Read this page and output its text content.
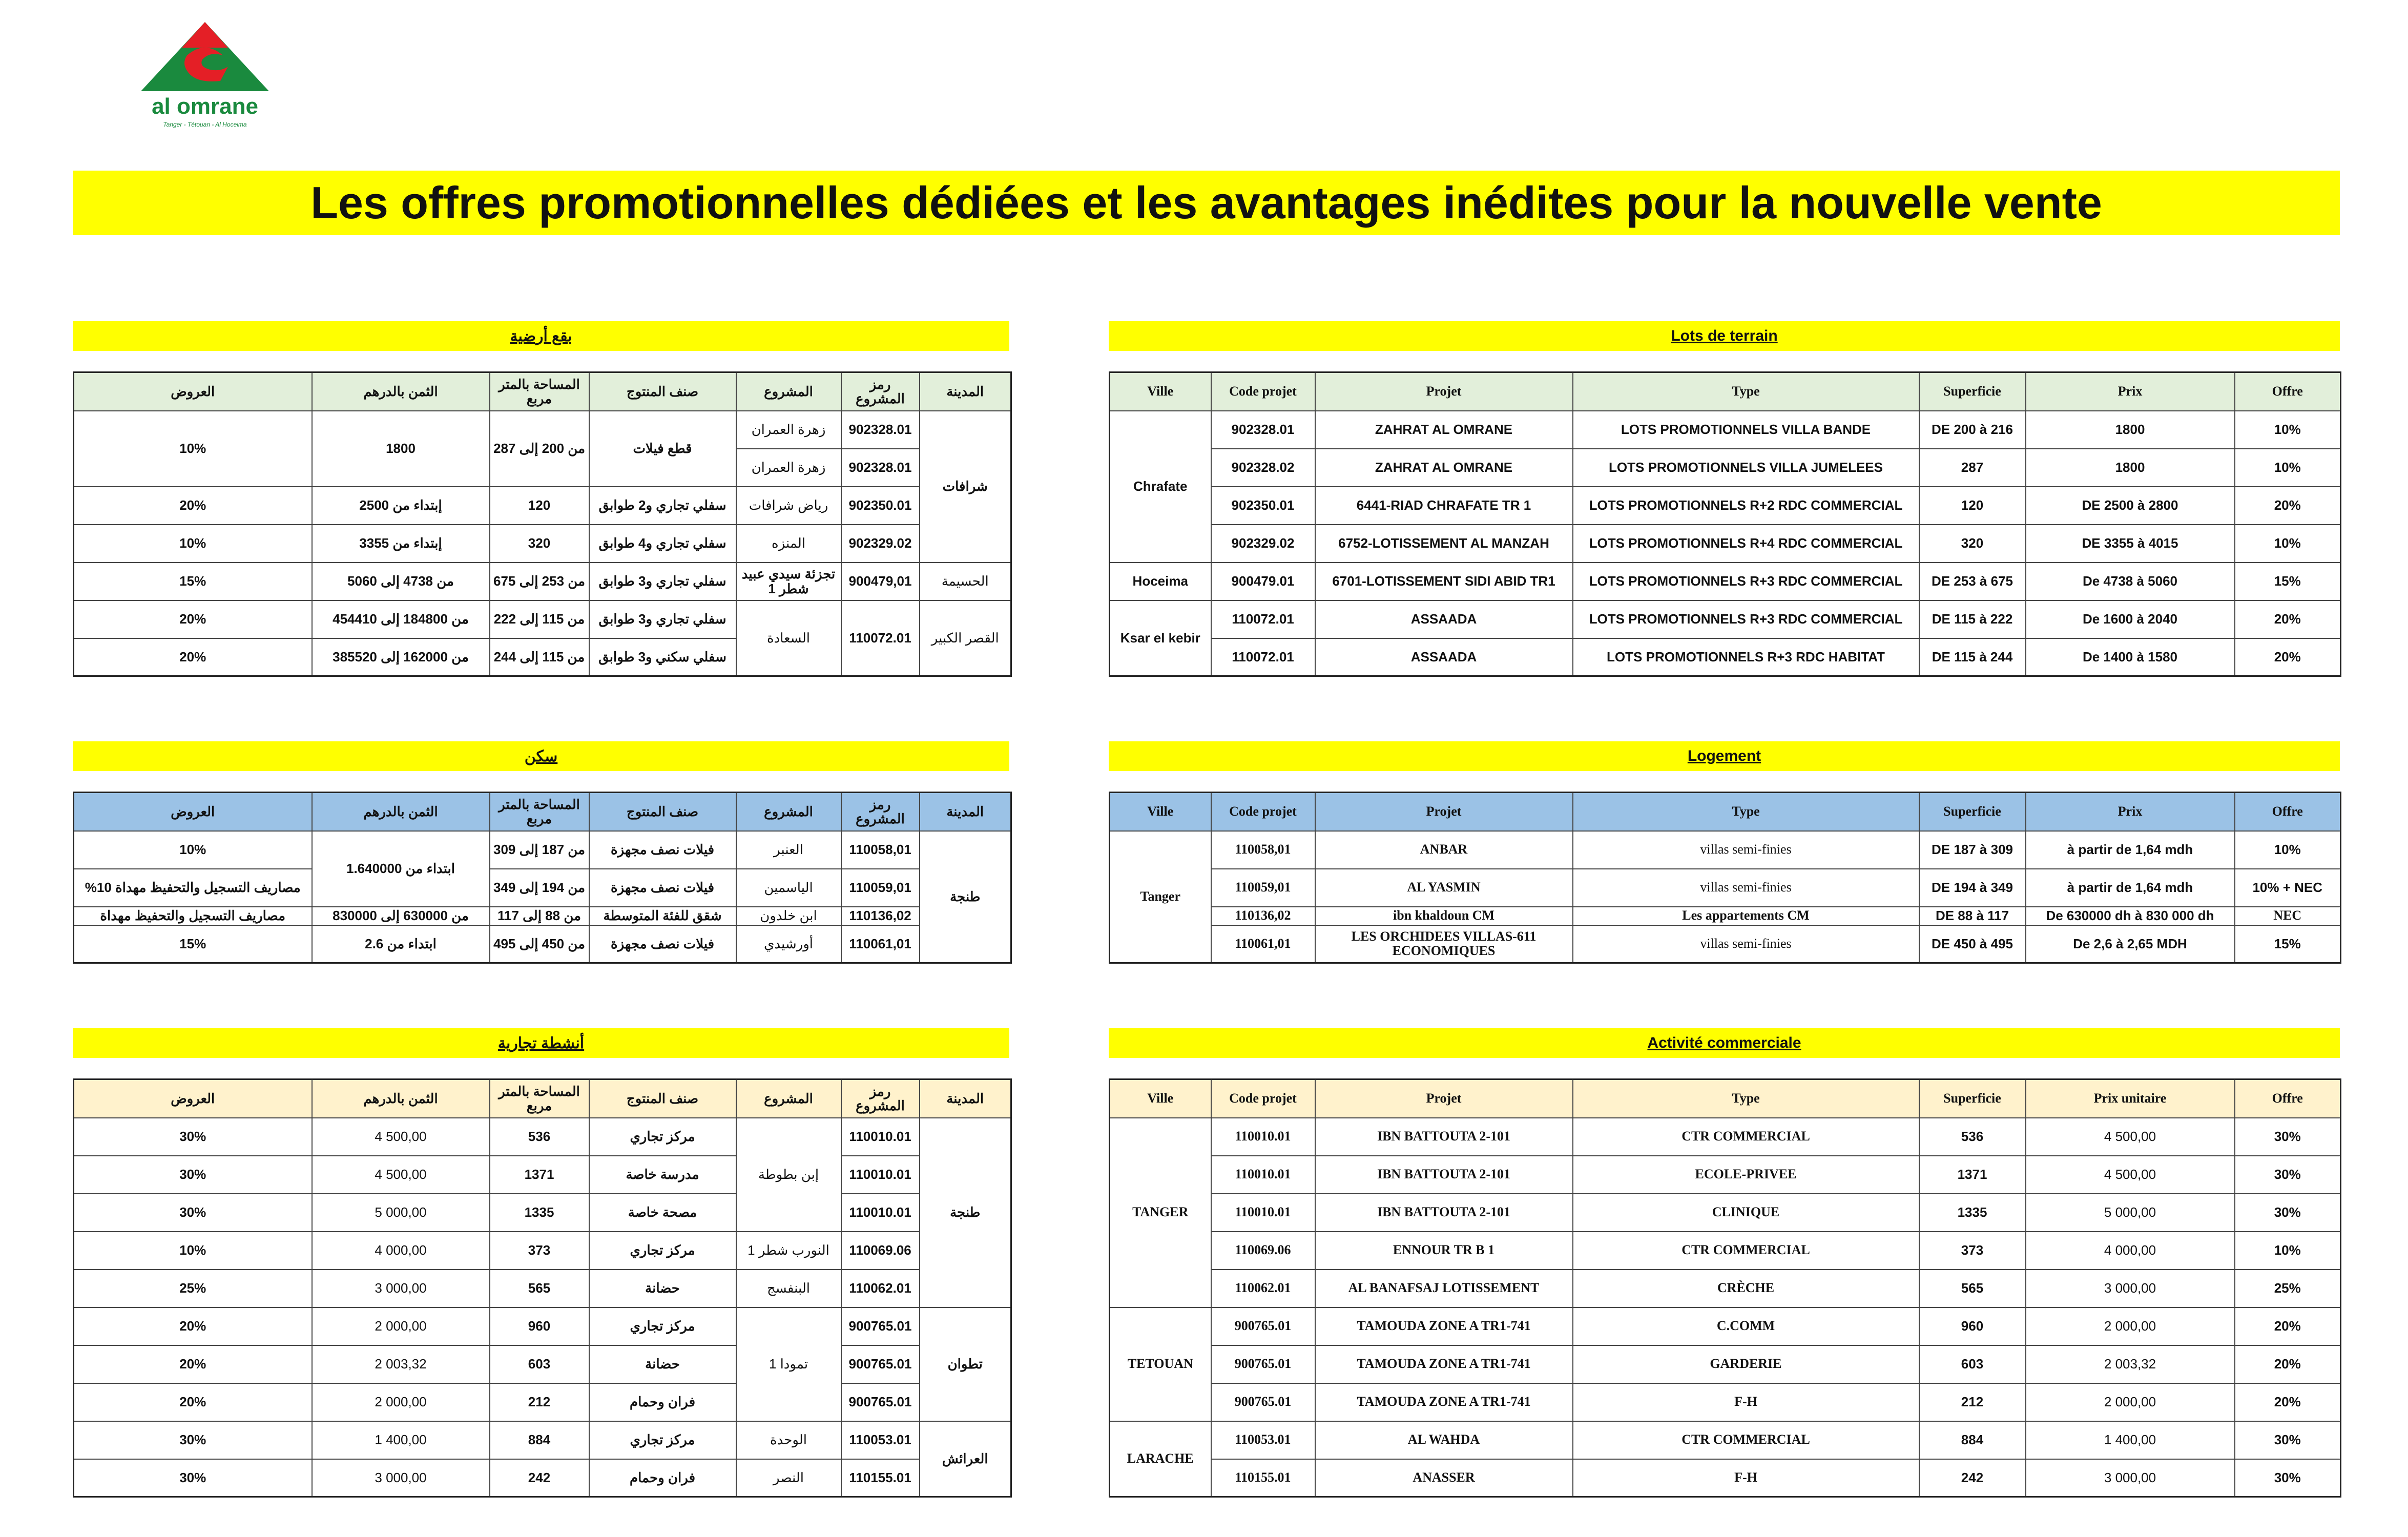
al omrane
Tanger - Tétouan - Al Hoceima
Les offres promotionnelles dédiées et les avantages inédites pour la nouvelle vente
بقع أرضية
العروض	الثمن بالدرهم	المساحة بالمتر مربع	صنف المنتوج	المشروع	رمز المشروع	المدينة
10%	1800	من 200 إلى 287	قطع فيلات	زهرة العمران	902328.01	شرافات
				زهرة العمران	902328.01	
20%	إبتداء من 2500	120	سفلي تجاري و2 طوابق	رياض شرافات	902350.01	
10%	إبتداء من 3355	320	سفلي تجاري و4 طوابق	المنزه	902329.02	
15%	من 4738 إلى 5060	من 253 إلى 675	سفلي تجاري و3 طوابق	تجزئة سيدي عبيد شطر 1	900479,01	الحسيمة
20%	من 184800 إلى 454410	من 115 إلى 222	سفلي تجاري و3 طوابق	السعادة	110072.01	القصر الكبير
20%	من 162000 إلى 385520	من 115 إلى 244	سفلي سكني و3 طوابق			
Lots de terrain
Ville	Code projet	Projet	Type	Superficie	Prix	Offre
Chrafate	902328.01	ZAHRAT AL OMRANE	LOTS PROMOTIONNELS VILLA BANDE	DE 200 à 216	1800	10%
	902328.02	ZAHRAT AL OMRANE	LOTS PROMOTIONNELS VILLA JUMELEES	287	1800	10%
	902350.01	6441-RIAD CHRAFATE TR 1	LOTS PROMOTIONNELS R+2 RDC COMMERCIAL	120	DE 2500 à 2800	20%
	902329.02	6752-LOTISSEMENT AL MANZAH	LOTS PROMOTIONNELS R+4 RDC COMMERCIAL	320	DE 3355 à 4015	10%
Hoceima	900479.01	6701-LOTISSEMENT SIDI ABID TR1	LOTS PROMOTIONNELS R+3 RDC COMMERCIAL	DE 253 à 675	De 4738 à 5060	15%
Ksar el kebir	110072.01	ASSAADA	LOTS PROMOTIONNELS R+3 RDC COMMERCIAL	DE 115 à 222	De 1600 à 2040	20%
	110072.01	ASSAADA	LOTS PROMOTIONNELS R+3 RDC HABITAT	DE 115 à 244	De 1400 à 1580	20%
سكن
العروض	الثمن بالدرهم	المساحة بالمتر مربع	صنف المنتوج	المشروع	رمز المشروع	المدينة
10%	ابتداء من 1.640000	من 187 إلى 309	فيلات نصف مجهزة	العنبر	110058,01	طنجة
مصاريف التسجيل والتحفيظ مهداة 10%		من 194 إلى 349	فيلات نصف مجهزة	الياسمين	110059,01	
مصاريف التسجيل والتحفيظ مهداة	من 630000 إلى 830000	من 88 إلى 117	شقق للفئة المتوسطة	ابن خلدون	110136,02	
15%	ابتداء من 2.6	من 450 إلى 495	فيلات نصف مجهزة	أورشيدي	110061,01	
Logement
Ville	Code projet	Projet	Type	Superficie	Prix	Offre
Tanger	110058,01	ANBAR	villas semi-finies	DE 187 à 309	à partir de 1,64 mdh	10%
	110059,01	AL YASMIN	villas semi-finies	DE 194 à 349	à partir de 1,64 mdh	10% + NEC
	110136,02	ibn khaldoun CM	Les appartements CM	DE 88 à 117	De 630000 dh à 830 000 dh	NEC
	110061,01	LES ORCHIDEES VILLAS-611 ECONOMIQUES	villas semi-finies	DE 450 à 495	De 2,6 à 2,65 MDH	15%
أنشطة تجارية
العروض	الثمن بالدرهم	المساحة بالمتر مربع	صنف المنتوج	المشروع	رمز المشروع	المدينة
30%	4 500,00	536	مركز تجاري	إبن بطوطة	110010.01	طنجة
30%	4 500,00	1371	مدرسة خاصة		110010.01	
30%	5 000,00	1335	مصحة خاصة		110010.01	
10%	4 000,00	373	مركز تجاري	النورب شطر 1	110069.06	
25%	3 000,00	565	حضانة	البنفسج	110062.01	
20%	2 000,00	960	مركز تجاري	تمودا 1	900765.01	تطوان
20%	2 003,32	603	حضانة		900765.01	
20%	2 000,00	212	فران وحمام		900765.01	
30%	1 400,00	884	مركز تجاري	الوحدة	110053.01	العرائش
30%	3 000,00	242	فران وحمام	النصر	110155.01	
Activité commerciale
Ville	Code projet	Projet	Type	Superficie	Prix unitaire	Offre
TANGER	110010.01	IBN BATTOUTA 2-101	CTR COMMERCIAL	536	4 500,00	30%
	110010.01	IBN BATTOUTA 2-101	ECOLE-PRIVEE	1371	4 500,00	30%
	110010.01	IBN BATTOUTA 2-101	CLINIQUE	1335	5 000,00	30%
	110069.06	ENNOUR TR B 1	CTR COMMERCIAL	373	4 000,00	10%
	110062.01	AL BANAFSAJ LOTISSEMENT	CRÈCHE	565	3 000,00	25%
TETOUAN	900765.01	TAMOUDA ZONE A TR1-741	C.COMM	960	2 000,00	20%
	900765.01	TAMOUDA ZONE A TR1-741	GARDERIE	603	2 003,32	20%
	900765.01	TAMOUDA ZONE A TR1-741	F-H	212	2 000,00	20%
LARACHE	110053.01	AL WAHDA	CTR COMMERCIAL	884	1 400,00	30%
	110155.01	ANASSER	F-H	242	3 000,00	30%
